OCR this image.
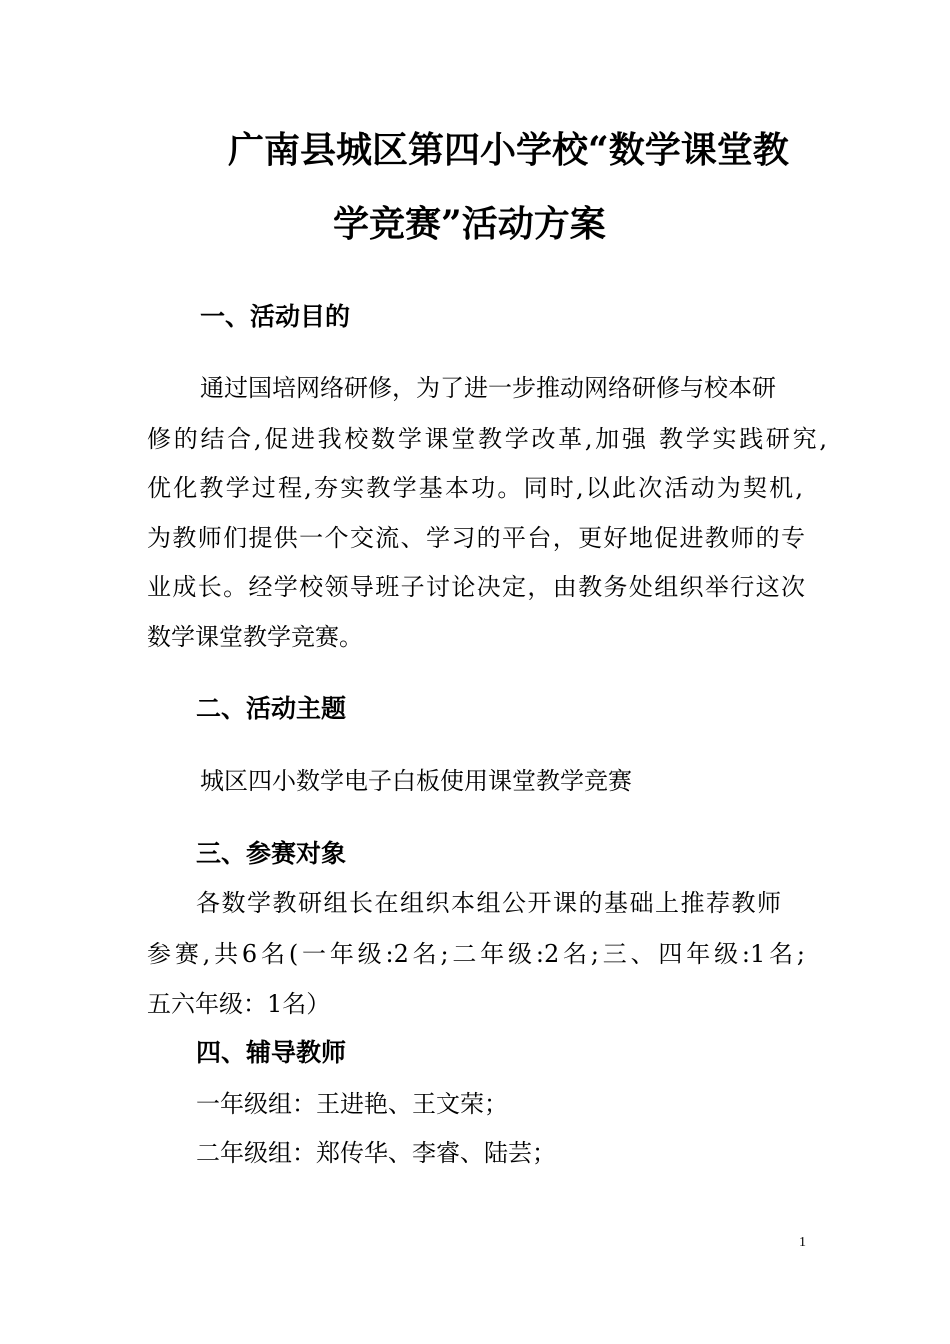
广南县城区第四小学校“数学课堂教
学竞赛”活动方案
一、活动目的
通过国培网络研修，为了进一步推动网络研修与校本研
修的结合,促进我校数学课堂教学改革,加强 教学实践研究,
优化教学过程,夯实教学基本功。同时,以此次活动为契机,
为教师们提供一个交流、学习的平台，更好地促进教师的专
业成长。经学校领导班子讨论决定，由教务处组织举行这次
数学课堂教学竞赛。
二、活动主题
城区四小数学电子白板使用课堂教学竞赛
三、参赛对象
各数学教研组长在组织本组公开课的基础上推荐教师
参赛,共6名(一年级:2名;二年级:2名;三、四年级:1名;
五六年级：1名）
四、辅导教师
一年级组：王进艳、王文荣；
二年级组：郑传华、李睿、陆芸；
1
